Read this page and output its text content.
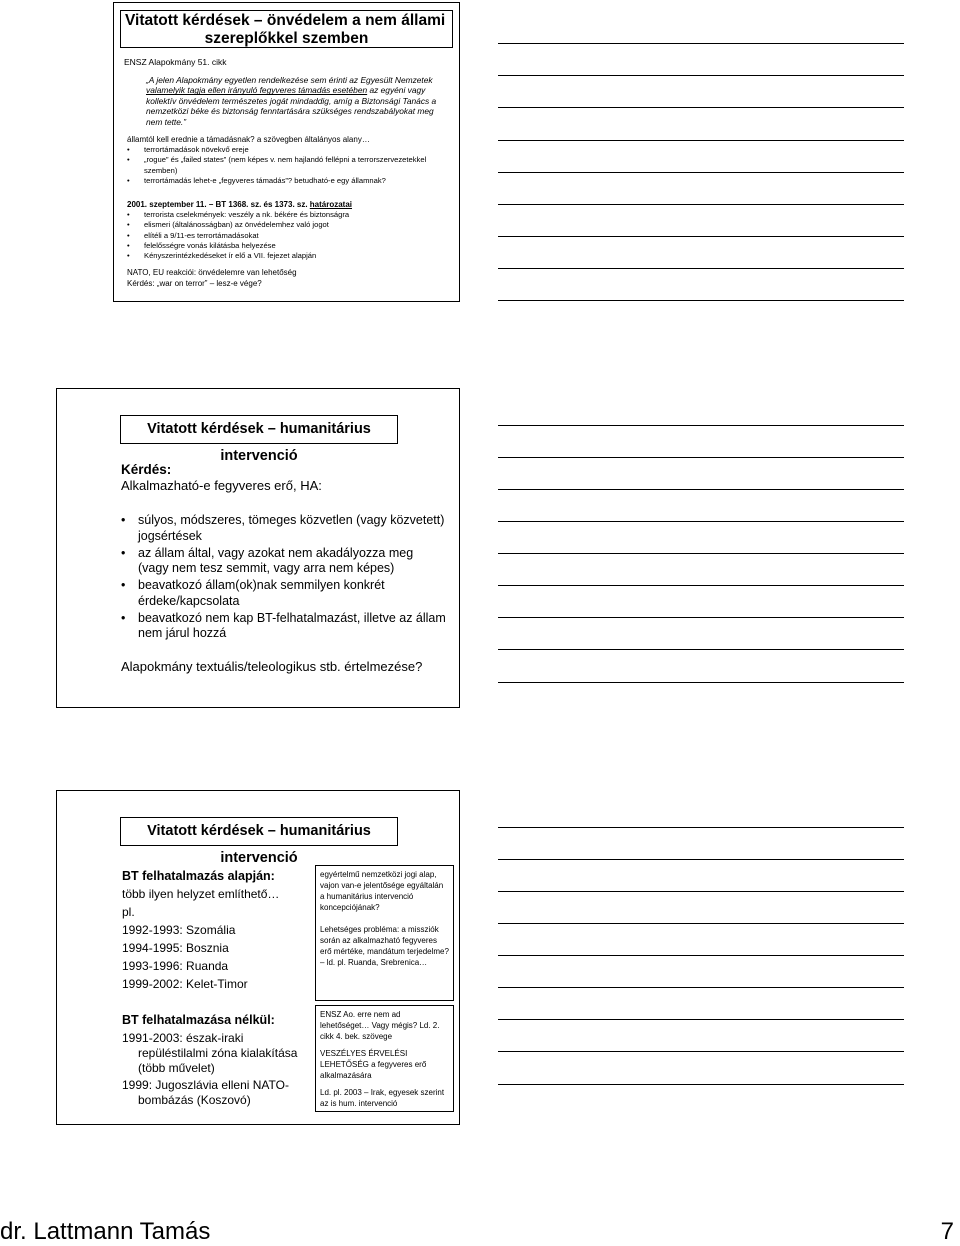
Vitatott kérdések – önvédelem a nem állami
szereplőkkel szemben
ENSZ Alapokmány 51. cikk
„A jelen Alapokmány egyetlen rendelkezése sem érinti az Egyesült Nemzetek valamelyik tagja ellen irányuló fegyveres támadás esetében az egyéni vagy kollektív önvédelem természetes jogát mindaddig, amíg a Biztonsági Tanács a nemzetközi béke és biztonság fenntartására szükséges rendszabályokat meg nem tette.”
államtól kell erednie a támadásnak? a szövegben általányos alany…
• terrortámadások növekvő ereje
• „rogue” és „failed states” (nem képes v. nem hajlandó fellépni a terrorszervezetekkel szemben)
• terrortámadás lehet-e „fegyveres támadás”? betudható-e egy államnak?
2001. szeptember 11. – BT 1368. sz. és 1373. sz. határozatai
• terrorista cselekmények: veszély a nk. békére és biztonságra
• elismeri (általánosságban) az önvédelemhez való jogot
• elítéli a 9/11-es terrortámadásokat
• felelősségre vonás kilátásba helyezése
• Kényszerintézkedéseket ír elő a VII. fejezet alapján
NATO, EU reakciói: önvédelemre van lehetőség
Kérdés: „war on terror” – lesz-e vége?
Vitatott kérdések – humanitárius intervenció
Kérdés:
Alkalmazható-e fegyveres erő, HA:
• súlyos, módszeres, tömeges közvetlen (vagy közvetett) jogsértések
• az állam által, vagy azokat nem akadályozza meg (vagy nem tesz semmit, vagy arra nem képes)
• beavatkozó állam(ok)nak semmilyen konkrét érdeke/kapcsolata
• beavatkozó nem kap BT-felhatalmazást, illetve az állam nem járul hozzá
Alapokmány textuális/teleologikus stb. értelmezése?
Vitatott kérdések – humanitárius intervenció
BT felhatalmazás alapján:
több ilyen helyzet említhető…
pl.
1992-1993: Szomália
1994-1995: Bosznia
1993-1996: Ruanda
1999-2002: Kelet-Timor
BT felhatalmazása nélkül:
1991-2003: észak-iraki repüléstilalmi zóna kialakítása (több művelet)
1999: Jugoszlávia elleni NATO-bombázás (Koszovó)

egyértelmű nemzetközi jogi alap, vajon van-e jelentősége egyáltalán a humanitárius intervenció koncepciójának?

Lehetséges probléma: a missziók során az alkalmazható fegyveres erő mértéke, mandátum terjedelme? – ld. pl. Ruanda, Srebrenica…

ENSZ Ao. erre nem ad lehetőséget… Vagy mégis? Ld. 2. cikk 4. bek. szövege

VESZÉLYES ÉRVELÉSI LEHETŐSÉG a fegyveres erő alkalmazására

Ld. pl. 2003 – Irak, egyesek szerint az is hum. intervenció

dr. Lattmann Tamás	7
